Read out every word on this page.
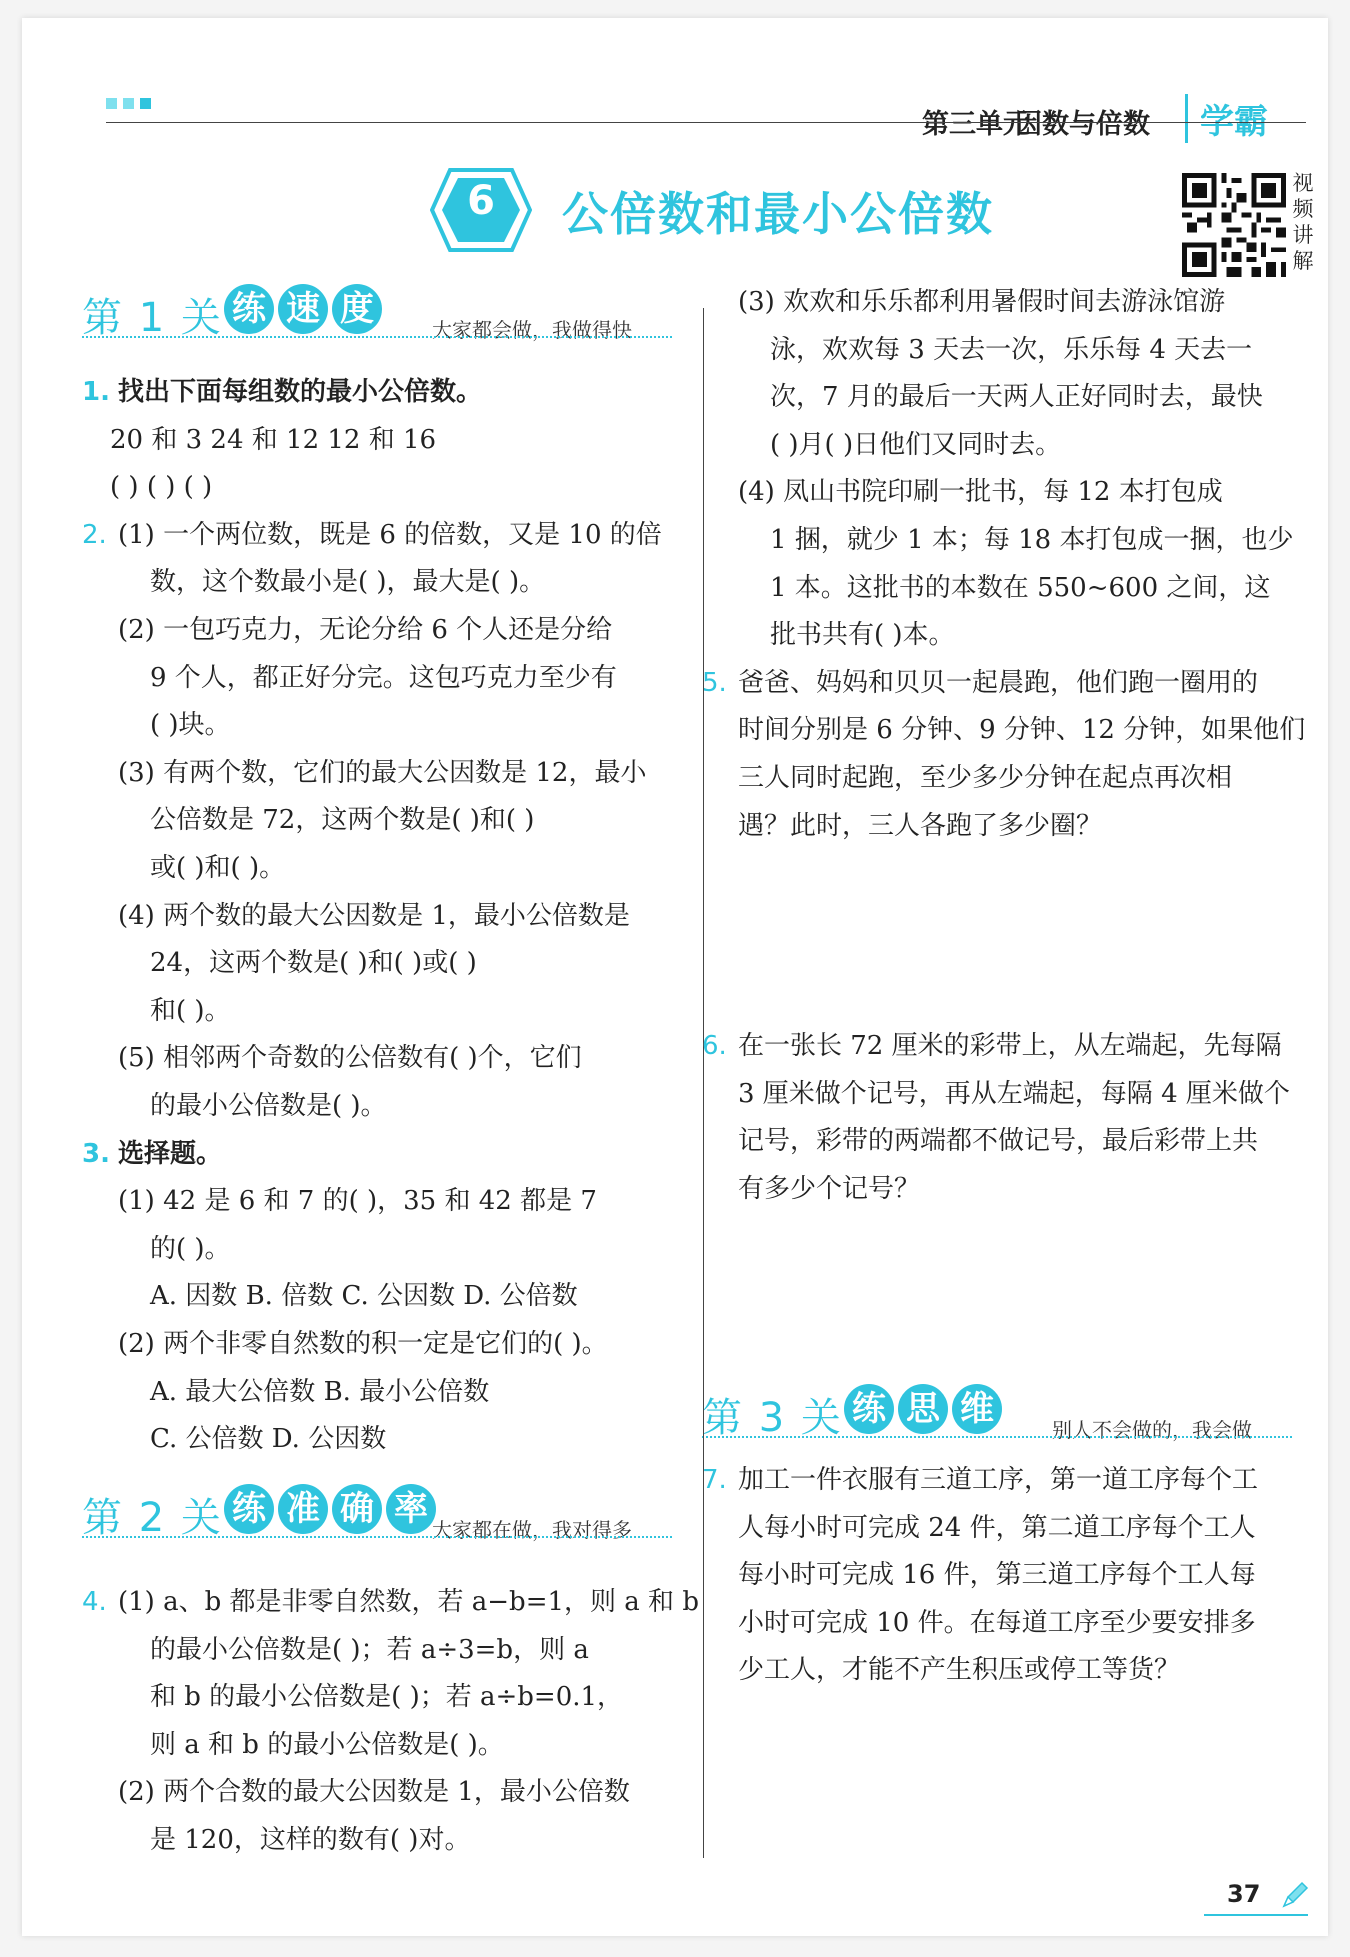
第三单元
因数与倍数	学霸
6	公倍数和最小公倍数
视
频
讲
解
第 1 关 练 速 度
大家都会做，我做得快
第 2 关 练 准 确 率
大家都在做，我对得多
第 3 关 练 思 维
别人不会做的，我会做
1. 找出下面每组数的最小公倍数。
20 和 3 24 和 12 12 和 16
( ) ( ) ( )
2. (1) 一个两位数，既是 6 的倍数，又是 10 的倍
数，这个数最小是( )，最大是( )。
(2) 一包巧克力，无论分给 6 个人还是分给
9 个人，都正好分完。这包巧克力至少有
( )块。
(3) 有两个数，它们的最大公因数是 12，最小
公倍数是 72，这两个数是( )和( )
或( )和( )。
(4) 两个数的最大公因数是 1，最小公倍数是
24，这两个数是( )和( )或( )
和( )。
(5) 相邻两个奇数的公倍数有( )个，它们
的最小公倍数是( )。
3. 选择题。
(1) 42 是 6 和 7 的( )，35 和 42 都是 7
的( )。
A. 因数 B. 倍数 C. 公因数 D. 公倍数
(2) 两个非零自然数的积一定是它们的( )。
A. 最大公倍数 B. 最小公倍数
C. 公倍数 D. 公因数
4. (1) a、b 都是非零自然数，若 a−b=1，则 a 和 b
的最小公倍数是( )；若 a÷3=b，则 a
和 b 的最小公倍数是( )；若 a÷b=0.1，
则 a 和 b 的最小公倍数是( )。
(2) 两个合数的最大公因数是 1，最小公倍数
是 120，这样的数有( )对。
(3) 欢欢和乐乐都利用暑假时间去游泳馆游
泳，欢欢每 3 天去一次，乐乐每 4 天去一
次，7 月的最后一天两人正好同时去，最快
( )月( )日他们又同时去。
(4) 凤山书院印刷一批书，每 12 本打包成
1 捆，就少 1 本；每 18 本打包成一捆，也少
1 本。这批书的本数在 550~600 之间，这
批书共有( )本。
5. 爸爸、妈妈和贝贝一起晨跑，他们跑一圈用的
时间分别是 6 分钟、9 分钟、12 分钟，如果他们
三人同时起跑，至少多少分钟在起点再次相
遇？此时，三人各跑了多少圈？
6. 在一张长 72 厘米的彩带上，从左端起，先每隔
3 厘米做个记号，再从左端起，每隔 4 厘米做个
记号，彩带的两端都不做记号，最后彩带上共
有多少个记号？
7. 加工一件衣服有三道工序，第一道工序每个工
人每小时可完成 24 件，第二道工序每个工人
每小时可完成 16 件，第三道工序每个工人每
小时可完成 10 件。在每道工序至少要安排多
少工人，才能不产生积压或停工等货？
37
